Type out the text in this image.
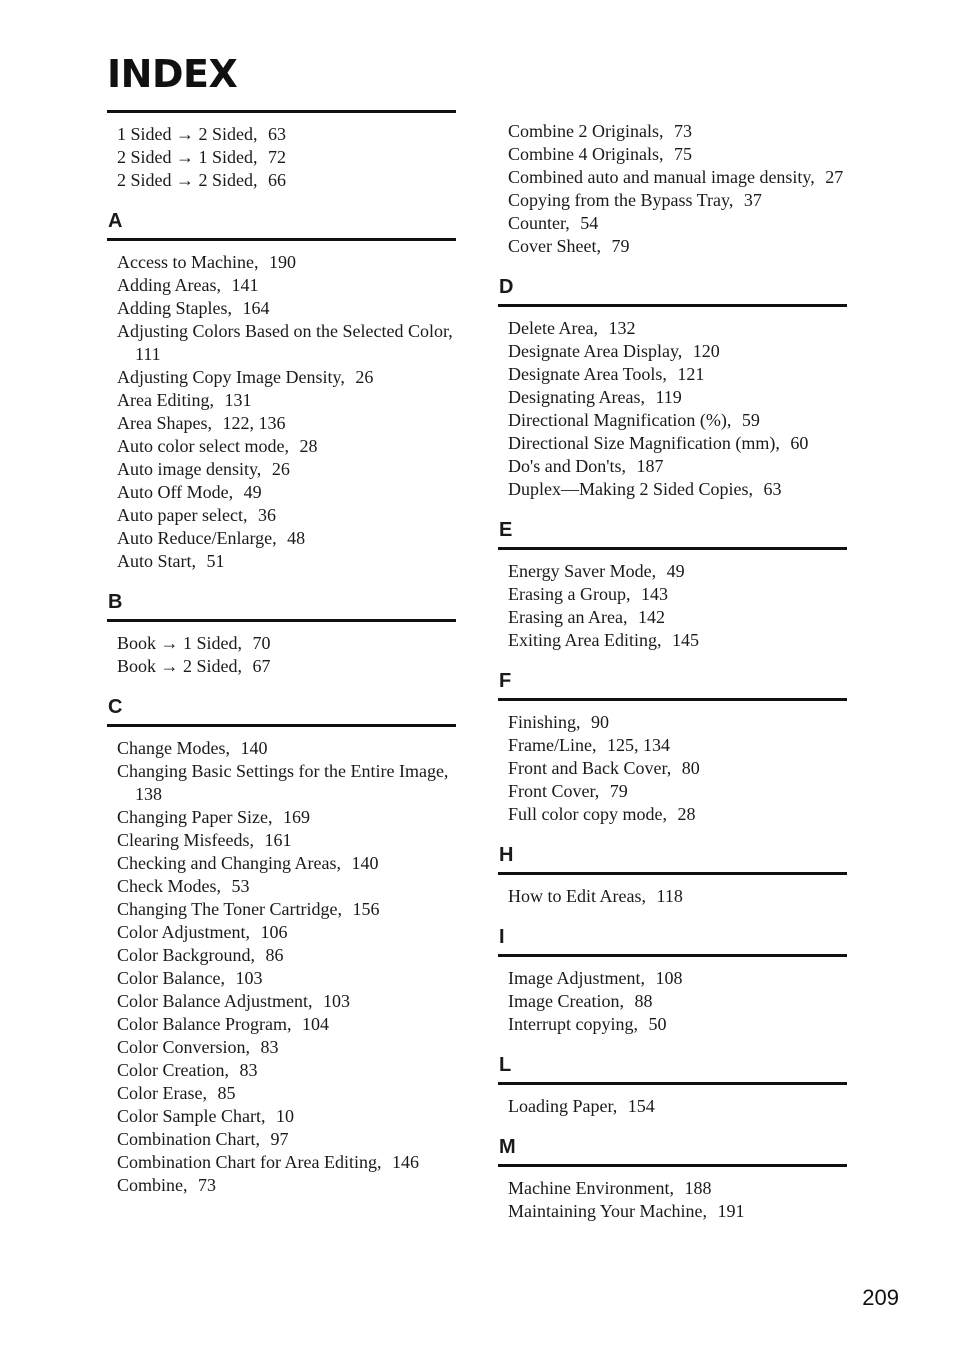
INDEX
1 Sided → 2 Sided, 63
2 Sided → 1 Sided, 72
2 Sided → 2 Sided, 66
A
Access to Machine, 190
Adding Areas, 141
Adding Staples, 164
Adjusting Colors Based on the Selected Color, 111
Adjusting Copy Image Density, 26
Area Editing, 131
Area Shapes, 122, 136
Auto color select mode, 28
Auto image density, 26
Auto Off Mode, 49
Auto paper select, 36
Auto Reduce/Enlarge, 48
Auto Start, 51
B
Book → 1 Sided, 70
Book → 2 Sided, 67
C
Change Modes, 140
Changing Basic Settings for the Entire Image, 138
Changing Paper Size, 169
Clearing Misfeeds, 161
Checking and Changing Areas, 140
Check Modes, 53
Changing The Toner Cartridge, 156
Color Adjustment, 106
Color Background, 86
Color Balance, 103
Color Balance Adjustment, 103
Color Balance Program, 104
Color Conversion, 83
Color Creation, 83
Color Erase, 85
Color Sample Chart, 10
Combination Chart, 97
Combination Chart for Area Editing, 146
Combine, 73
Combine 2 Originals, 73
Combine 4 Originals, 75
Combined auto and manual image density, 27
Copying from the Bypass Tray, 37
Counter, 54
Cover Sheet, 79
D
Delete Area, 132
Designate Area Display, 120
Designate Area Tools, 121
Designating Areas, 119
Directional Magnification (%), 59
Directional Size Magnification (mm), 60
Do's and Don'ts, 187
Duplex—Making 2 Sided Copies, 63
E
Energy Saver Mode, 49
Erasing a Group, 143
Erasing an Area, 142
Exiting Area Editing, 145
F
Finishing, 90
Frame/Line, 125, 134
Front and Back Cover, 80
Front Cover, 79
Full color copy mode, 28
H
How to Edit Areas, 118
I
Image Adjustment, 108
Image Creation, 88
Interrupt copying, 50
L
Loading Paper, 154
M
Machine Environment, 188
Maintaining Your Machine, 191
209
